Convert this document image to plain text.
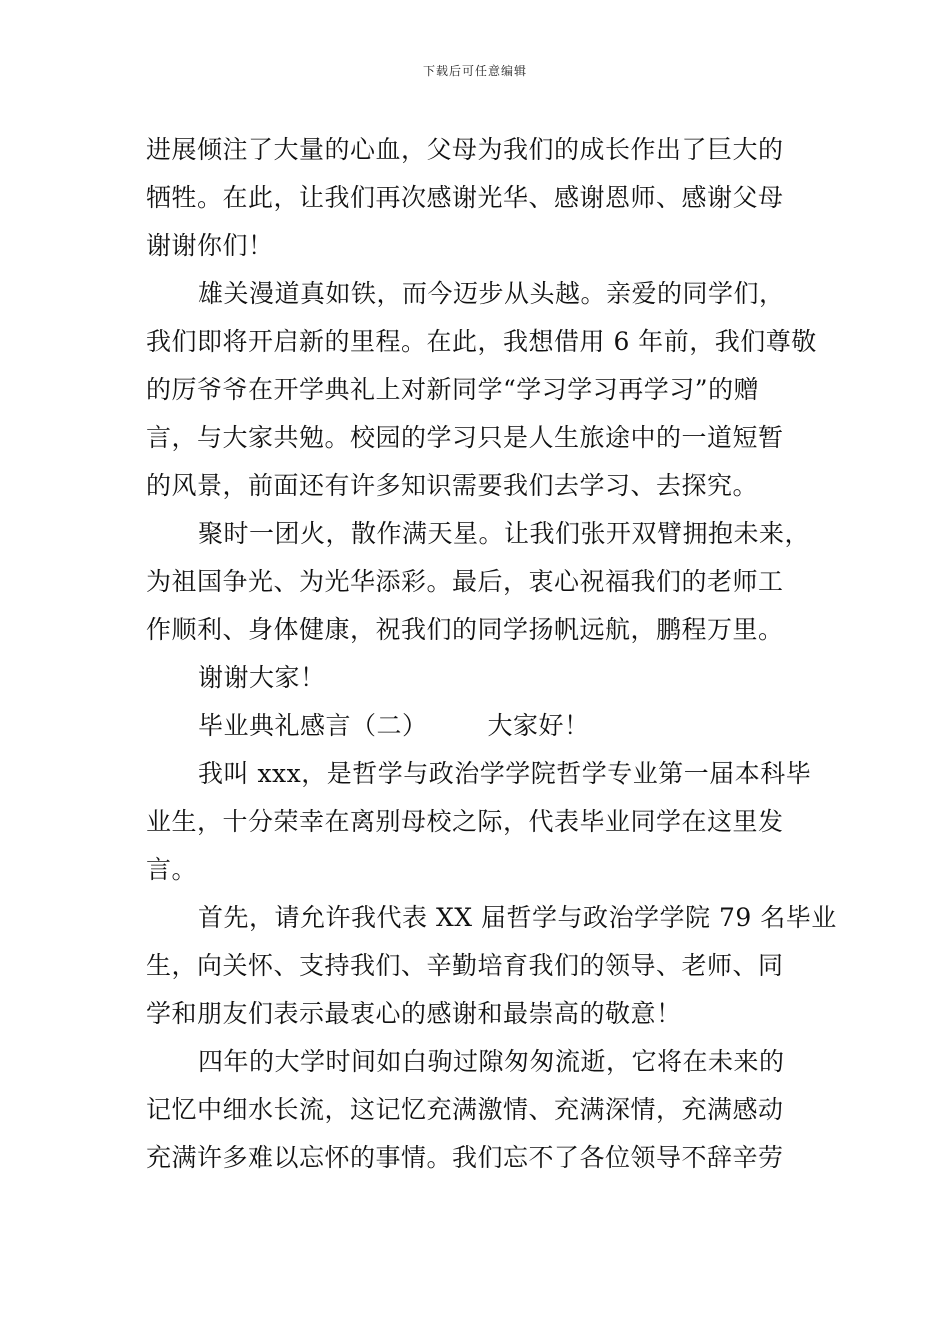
下载后可任意编辑
进展倾注了大量的心血，父母为我们的成长作出了巨大的
牺牲。在此，让我们再次感谢光华、感谢恩师、感谢父母
谢谢你们！
雄关漫道真如铁，而今迈步从头越。亲爱的同学们，
我们即将开启新的里程。在此，我想借用 6 年前，我们尊敬
的厉爷爷在开学典礼上对新同学“学习学习再学习”的赠
言，与大家共勉。校园的学习只是人生旅途中的一道短暂
的风景，前面还有许多知识需要我们去学习、去探究。
聚时一团火，散作满天星。让我们张开双臂拥抱未来，
为祖国争光、为光华添彩。最后，衷心祝福我们的老师工
作顺利、身体健康，祝我们的同学扬帆远航，鹏程万里。
谢谢大家！
毕业典礼感言（二） 大家好！
我叫 xxx，是哲学与政治学学院哲学专业第一届本科毕
业生，十分荣幸在离别母校之际，代表毕业同学在这里发
言。
首先，请允许我代表 XX 届哲学与政治学学院 79 名毕业
生，向关怀、支持我们、辛勤培育我们的领导、老师、同
学和朋友们表示最衷心的感谢和最崇高的敬意！
四年的大学时间如白驹过隙匆匆流逝，它将在未来的
记忆中细水长流，这记忆充满激情、充满深情，充满感动
充满许多难以忘怀的事情。我们忘不了各位领导不辞辛劳
